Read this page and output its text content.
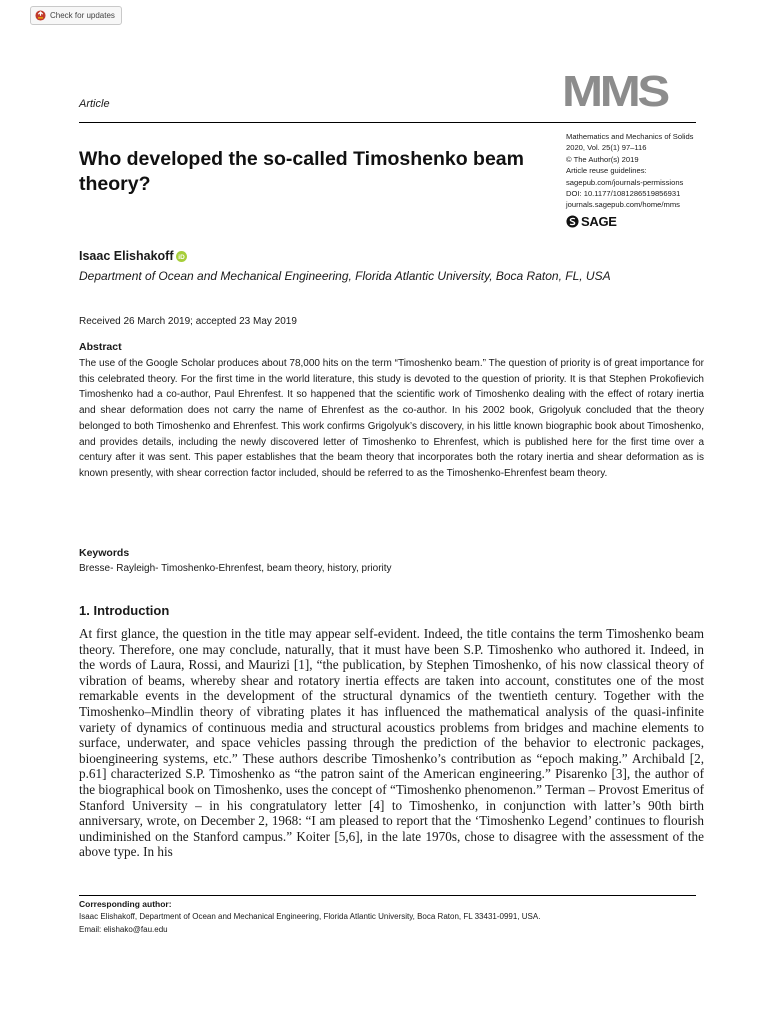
Check for updates
Article	MMS
Mathematics and Mechanics of Solids
2020, Vol. 25(1) 97–116
© The Author(s) 2019
Article reuse guidelines:
sagepub.com/journals-permissions
DOI: 10.1177/1081286519856931
journals.sagepub.com/home/mms
SAGE
Who developed the so-called Timoshenko beam theory?
Isaac Elishakoff iD
Department of Ocean and Mechanical Engineering, Florida Atlantic University, Boca Raton, FL, USA
Received 26 March 2019; accepted 23 May 2019
Abstract

The use of the Google Scholar produces about 78,000 hits on the term “Timoshenko beam.” The question of priority is of great importance for this celebrated theory. For the first time in the world literature, this study is devoted to the question of priority. It is that Stephen Prokofievich Timoshenko had a co-author, Paul Ehrenfest. It so happened that the scientific work of Timoshenko dealing with the effect of rotary inertia and shear deformation does not carry the name of Ehrenfest as the co-author. In his 2002 book, Grigolyuk concluded that the theory belonged to both Timoshenko and Ehrenfest. This work confirms Grigolyuk’s discovery, in his little known biographic book about Timoshenko, and provides details, including the newly discovered letter of Timoshenko to Ehrenfest, which is published here for the first time over a century after it was sent. This paper establishes that the beam theory that incorporates both the rotary inertia and shear deformation as is known presently, with shear correction factor included, should be referred to as the Timoshenko-Ehrenfest beam theory.

Keywords
Bresse- Rayleigh- Timoshenko-Ehrenfest, beam theory, history, priority
1. Introduction

At first glance, the question in the title may appear self-evident. Indeed, the title contains the term Timoshenko beam theory. Therefore, one may conclude, naturally, that it must have been S.P. Timoshenko who authored it. Indeed, in the words of Laura, Rossi, and Maurizi [1], “the publication, by Stephen Timoshenko, of his now classical theory of vibration of beams, whereby shear and rotatory inertia effects are taken into account, constitutes one of the most remarkable events in the development of the structural dynamics of the twentieth century. Together with the Timoshenko–Mindlin theory of vibrating plates it has influenced the mathematical analysis of the quasi-infinite variety of dynamics of continuous media and structural acoustics problems from bridges and machine elements to surface, underwater, and space vehicles passing through the prediction of the behavior to electronic packages, bioengineering systems, etc.” These authors describe Timoshenko’s contribution as “epoch making.” Archibald [2, p.61] characterized S.P. Timoshenko as “the patron saint of the American engineering.” Pisarenko [3], the author of the biographical book on Timoshenko, uses the concept of “Timoshenko phenomenon.” Terman – Provost Emeritus of Stanford University – in his congratulatory letter [4] to Timoshenko, in conjunction with latter’s 90th birth anniversary, wrote, on December 2, 1968: “I am pleased to report that the ‘Timoshenko Legend’ continues to flourish undiminished on the Stanford campus.” Koiter [5,6], in the late 1970s, chose to disagree with the assessment of the above type. In his

Corresponding author:
Isaac Elishakoff, Department of Ocean and Mechanical Engineering, Florida Atlantic University, Boca Raton, FL 33431-0991, USA.
Email: elishako@fau.edu
